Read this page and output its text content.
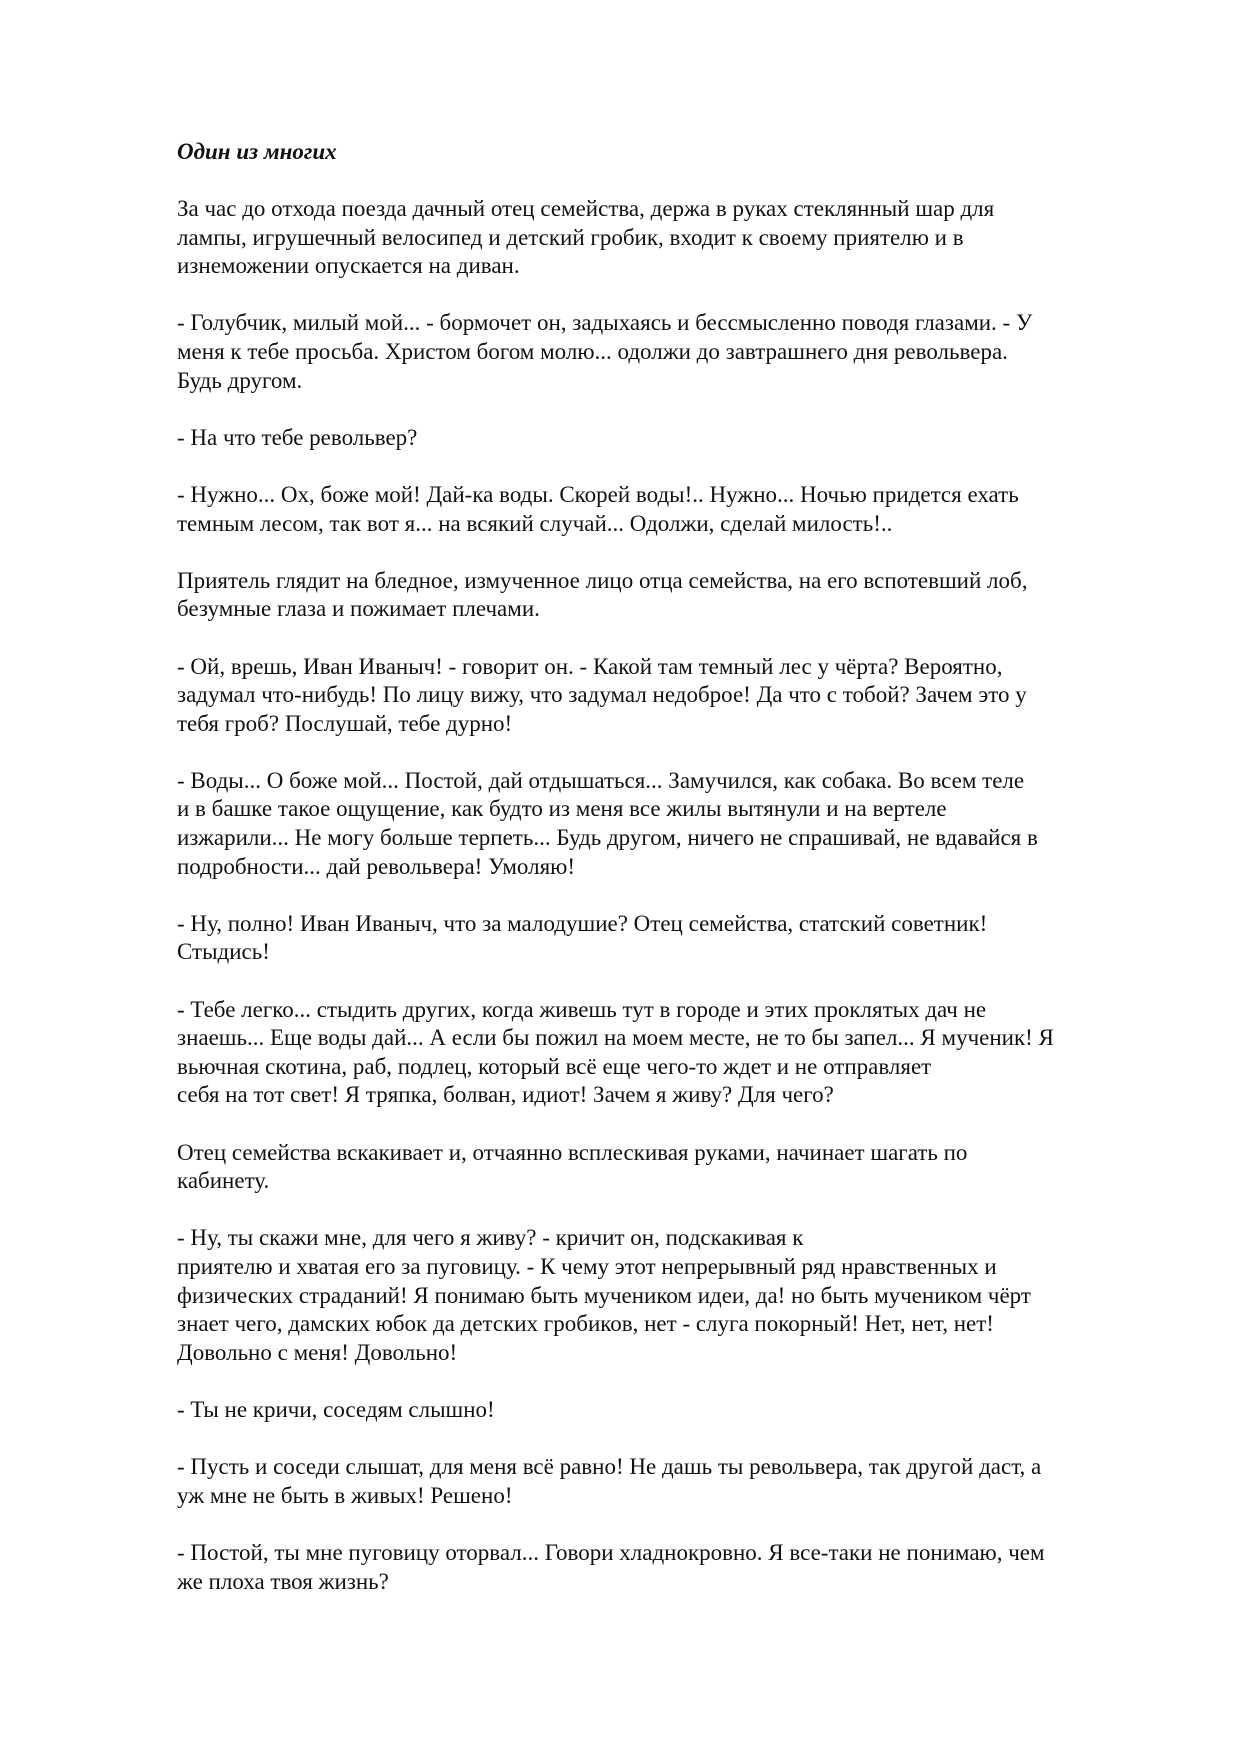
Один из многих
За час до отхода поезда дачный отец семейства, держа в руках стеклянный шар для
лампы, игрушечный велосипед и детский гробик, входит к своему приятелю и в
изнеможении опускается на диван.
- Голубчик, милый мой... - бормочет он, задыхаясь и бессмысленно поводя глазами. - У
меня к тебе просьба. Христом богом молю... одолжи до завтрашнего дня револьвера.
Будь другом.
- На что тебе револьвер?
- Нужно... Ох, боже мой! Дай-ка воды. Скорей воды!.. Нужно... Ночью придется ехать
темным лесом, так вот я... на всякий случай... Одолжи, сделай милость!..
Приятель глядит на бледное, измученное лицо отца семейства, на его вспотевший лоб,
безумные глаза и пожимает плечами.
- Ой, врешь, Иван Иваныч! - говорит он. - Какой там темный лес у чёрта? Вероятно,
задумал что-нибудь! По лицу вижу, что задумал недоброе! Да что с тобой? Зачем это у
тебя гроб? Послушай, тебе дурно!
- Воды... О боже мой... Постой, дай отдышаться... Замучился, как собака. Во всем теле
и в башке такое ощущение, как будто из меня все жилы вытянули и на вертеле
изжарили... Не могу больше терпеть... Будь другом, ничего не спрашивай, не вдавайся в
подробности... дай револьвера! Умоляю!
- Ну, полно! Иван Иваныч, что за малодушие? Отец семейства, статский советник!
Стыдись!
- Тебе легко... стыдить других, когда живешь тут в городе и этих проклятых дач не
знаешь... Еще воды дай... А если бы пожил на моем месте, не то бы запел... Я мученик! Я
вьючная скотина, раб, подлец, который всё еще чего-то ждет и не отправляет
себя на тот свет! Я тряпка, болван, идиот! Зачем я живу? Для чего?
Отец семейства вскакивает и, отчаянно всплескивая руками, начинает шагать по
кабинету.
- Ну, ты скажи мне, для чего я живу? - кричит он, подскакивая к
приятелю и хватая его за пуговицу. - К чему этот непрерывный ряд нравственных и
физических страданий! Я понимаю быть мучеником идеи, да! но быть мучеником чёрт
знает чего, дамских юбок да детских гробиков, нет - слуга покорный! Нет, нет, нет!
Довольно с меня! Довольно!
- Ты не кричи, соседям слышно!
- Пусть и соседи слышат, для меня всё равно! Не дашь ты револьвера, так другой даст, а
уж мне не быть в живых! Решено!
- Постой, ты мне пуговицу оторвал... Говори хладнокровно. Я все-таки не понимаю, чем
же плоха твоя жизнь?
